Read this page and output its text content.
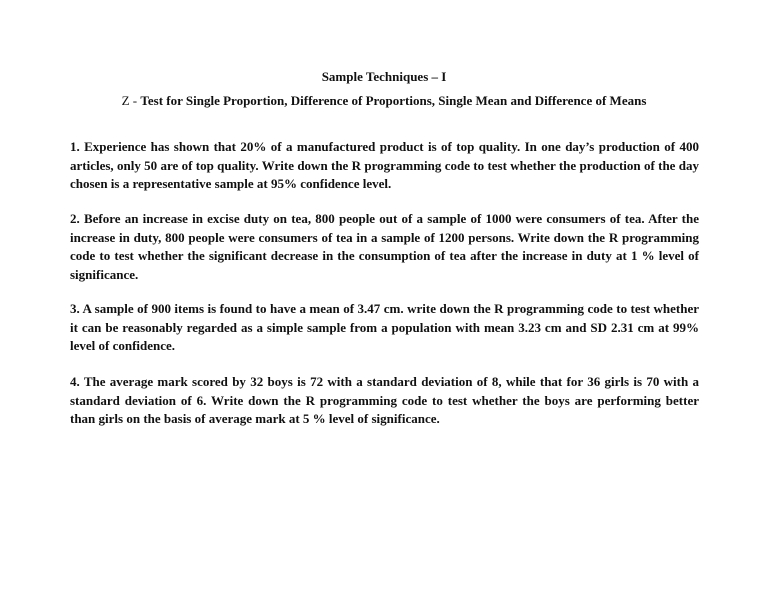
Sample Techniques – I
Z - Test for Single Proportion, Difference of Proportions, Single Mean and Difference of Means

1. Experience has shown that 20% of a manufactured product is of top quality. In one day’s production of 400 articles, only 50 are of top quality. Write down the R programming code to test whether the production of the day chosen is a representative sample at 95% confidence level.

2. Before an increase in excise duty on tea, 800 people out of a sample of 1000 were consumers of tea. After the increase in duty, 800 people were consumers of tea in a sample of 1200 persons. Write down the R programming code to test whether the significant decrease in the consumption of tea after the increase in duty at 1 % level of significance.

3. A sample of 900 items is found to have a mean of 3.47 cm. write down the R programming code to test whether it can be reasonably regarded as a simple sample from a population with mean 3.23 cm and SD 2.31 cm at 99% level of confidence.

4. The average mark scored by 32 boys is 72 with a standard deviation of 8, while that for 36 girls is 70 with a standard deviation of 6. Write down the R programming code to test whether the boys are performing better than girls on the basis of average mark at 5 % level of significance.
